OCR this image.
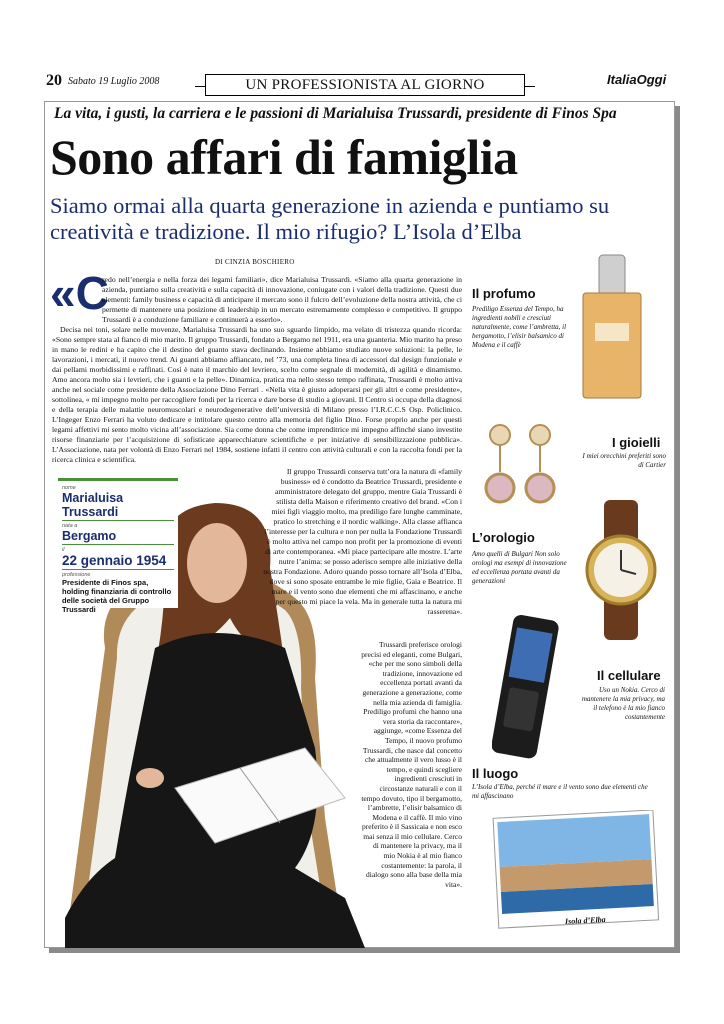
20 Sabato 19 Luglio 2008	UN PROFESSIONISTA AL GIORNO	ItaliaOggi
La vita, i gusti, la carriera e le passioni di Marialuisa Trussardi, presidente di Finos Spa
Sono affari di famiglia
Siamo ormai alla quarta generazione in azienda e puntiamo su creatività e tradizione. Il mio rifugio? L’Isola d’Elba
DI CINZIA BOSCHIERO
«C

redo nell’energia e nella forza dei legami familiari», dice Marialuisa Trussardi. «Siamo alla quarta generazione in azienda, puntiamo sulla creatività e sulla capacità di innovazione, coniugate con i valori della tradizione. Questi due elementi: family business e capacità di anticipare il mercato sono il fulcro dell’evoluzione della nostra attività, che ci permette di mantenere una posizione di leadership in un mercato estremamente complesso e competitivo. Il gruppo Trussardi è a conduzione familiare e continuerà a esserlo».

Decisa nei toni, solare nelle movenze, Marialuisa Trussardi ha uno suo sguardo limpido, ma velato di tristezza quando ricorda: «Sono sempre stata al fianco di mio marito. Il gruppo Trussardi, fondato a Bergamo nel 1911, era una guanteria. Mio marito ha preso in mano le redini e ha capito che il destino del guanto stava declinando. Insieme abbiamo studiato nuove soluzioni: la pelle, le lavorazioni, i mercati, il nuovo trend. Ai guanti abbiamo affiancato, nel ’73, una completa linea di accessori dal design funzionale e dai pellami morbidissimi e raffinati. Così è nato il marchio del levriero, scelto come segnale di modernità, di agilità e dinamismo. Amo ancora molto sia i levrieri, che i guanti e la pelle». Dinamica, pratica ma nello stesso tempo raffinata, Trussardi è molto attiva anche nel sociale come presidente della Associazione Dino Ferrari . «Nella vita è giusto adoperarsi per gli altri e come presidente», sottolinea, « mi impegno molto per raccogliere fondi per la ricerca e dare borse di studio a giovani. Il Centro si occupa della diagnosi e della terapia delle malattie neuromuscolari e neurodegenerative dell’università di Milano presso l’I.R.C.C.S Osp. Policlinico. L’Ingeger Enzo Ferrari ha voluto dedicare e intitolare questo centro alla memoria del figlio Dino. Forse proprio anche per questi legami affettivi mi sento molto vicina all’associazione. Sia come donna che come imprenditrice mi impegno affinché siano investite risorse finanziarie per l’acquisizione di sofisticate apparecchiature scientifiche e per iniziative di sensibilizzazione pubblica». L’Associazione, nata per volontà di Enzo Ferrari nel 1984, sostiene infatti il centro con attività culturali e con la raccolta fondi per la ricerca clinica e scientifica.

nome
Marialuisa Trussardi
nata a
Bergamo
il
22 gennaio 1954
professione
Presidente di Finos spa, holding finanziaria di controllo delle società del Gruppo Trussardi
Il gruppo Trussardi conserva tutt’ora la natura di «family business» ed è condotto da Beatrice Trussardi, presidente e amministratore delegato del gruppo, mentre Gaia Trussardi è stilista della Maison e riferimento creativo del brand. «Con i miei figli viaggio molto, ma prediligo fare lunghe camminate, pratico lo stretching e il nordic walking». Alla classe affianca l’interesse per la cultura e non per nulla la Fondazione Trussardi è molto attiva nel campo non profit per la promozione di eventi di arte contemporanea. «Mi piace partecipare alle mostre. L’arte nutre l’anima: se posso aderisco sempre alle iniziative della nostra Fondazione. Adoro quando posso tornare all’Isola d’Elba, dove si sono sposate entrambe le mie figlie, Gaia e Beatrice. Il mare e il vento sono due elementi che mi affascinano, e anche per questo mi piace la vela. Ma in generale tutta la natura mi rasserena».
Trussardi preferisce orologi precisi ed eleganti, come Bulgari, «che per me sono simboli della tradizione, innovazione ed eccellenza portati avanti da generazione a generazione, come nella mia azienda di famiglia. Prediligo profumi che hanno una vera storia da raccontare», aggiunge, «come Essenza del Tempo, il nuovo profumo Trussardi, che nasce dal concetto che attualmente il vero lusso è il tempo, e quindi scegliere ingredienti cresciuti in circostanze naturali e con il tempo dovuto, tipo il bergamotto, l’ambrette, l’elisir balsamico di Modena e il caffè. Il mio vino preferito è il Sassicaia e non esco mai senza il mio cellulare. Cerco di mantenere la privacy, ma il mio Nokia è al mio fianco costantemente: la parola, il dialogo sono alla base della mia vita».
Il profumo
Prediligo Essenza del Tempo, ha ingredienti nobili e cresciuti naturalmente, come l’ambretta, il bergamotto, l’elisir balsamico di Modena e il caffè
I gioielli
I miei orecchini preferiti sono di Cartier
L’orologio
Amo quelli di Bulgari Non solo orologi ma esempi di innovazione ed eccellenza portata avanti da generazioni
Il cellulare
Uso un Nokia. Cerco di mantenere la mia privacy, ma il telefono è la mio fianco costantemente
Il luogo
L’Isola d’Elba, perché il mare e il vento sono due elementi che mi affascinano
Isola d’Elba
